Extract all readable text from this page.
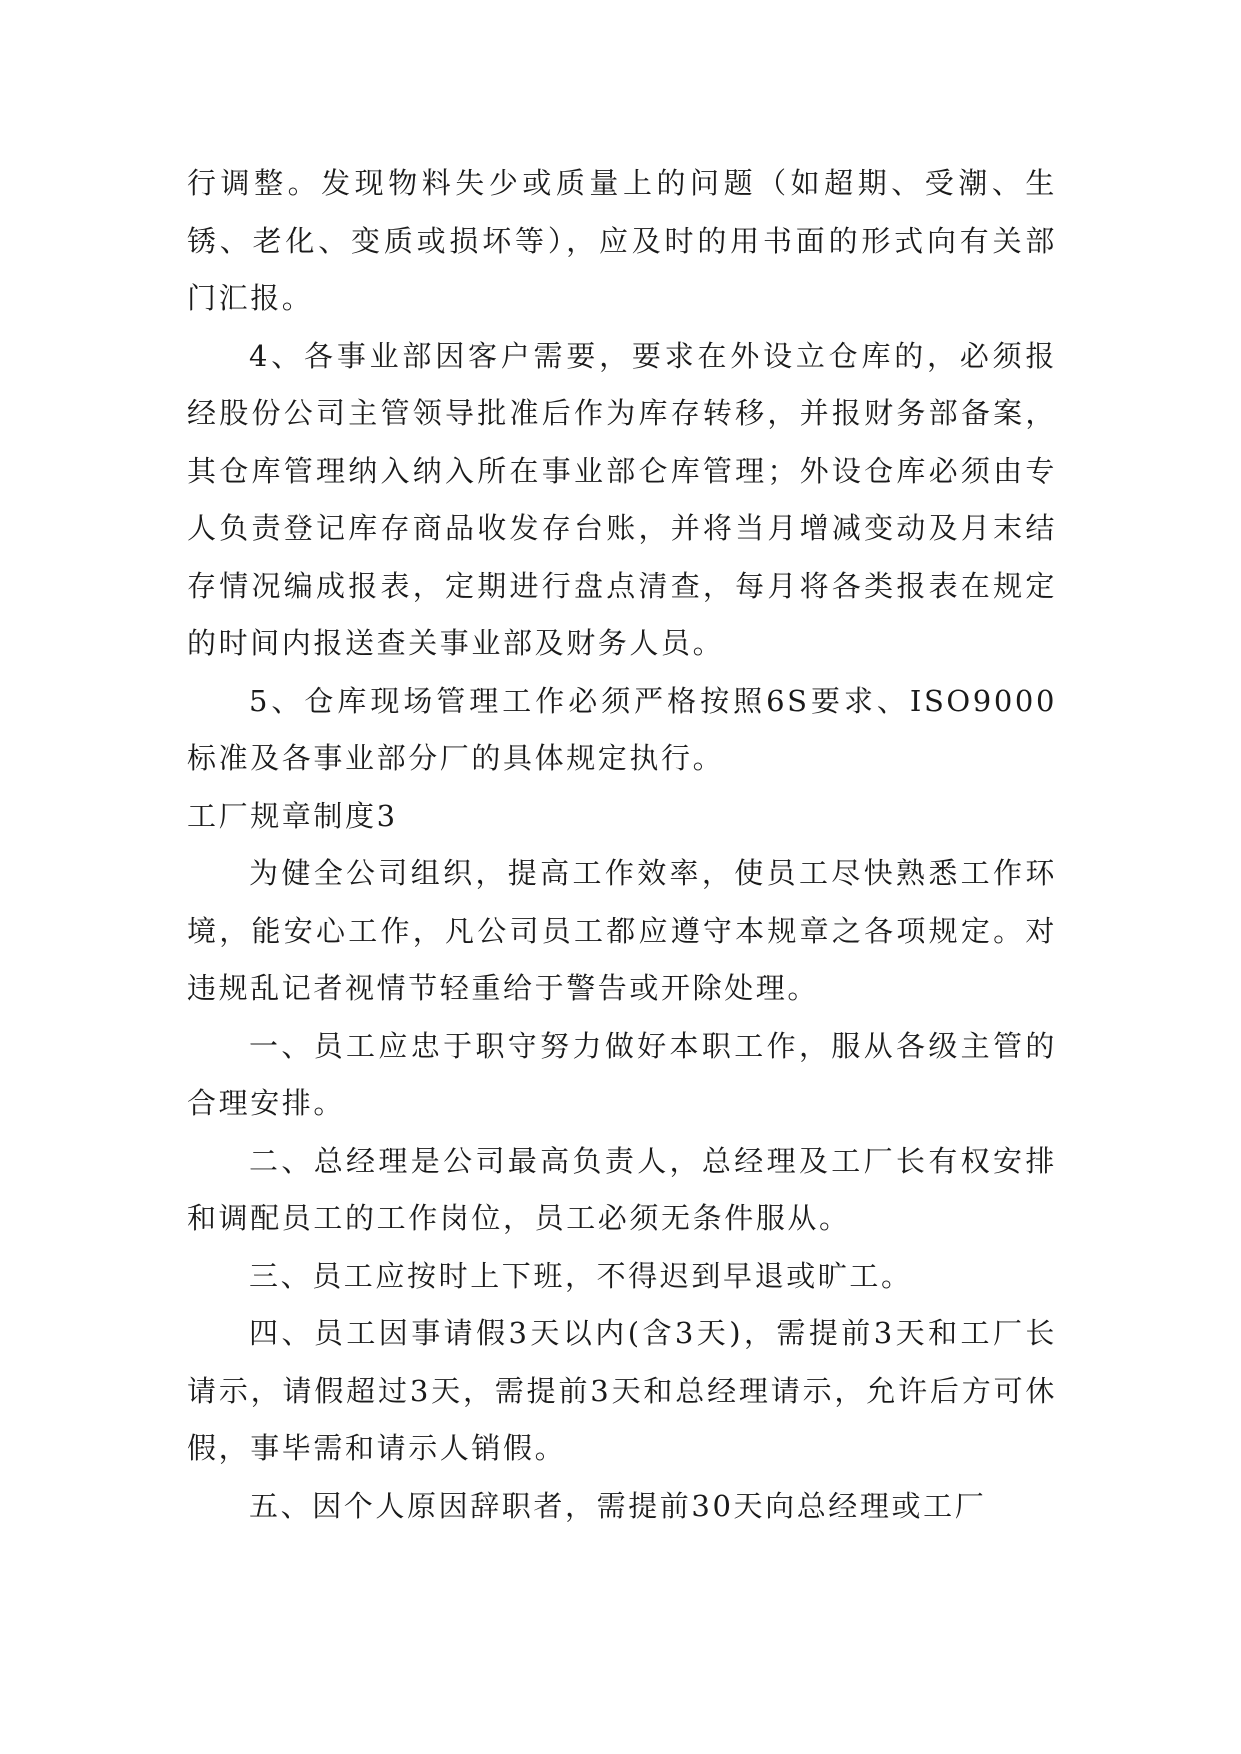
行调整。发现物料失少或质量上的问题（如超期、受潮、生锈、老化、变质或损坏等），应及时的用书面的形式向有关部门汇报。

4、各事业部因客户需要，要求在外设立仓库的，必须报经股份公司主管领导批准后作为库存转移，并报财务部备案，其仓库管理纳入纳入所在事业部仑库管理；外设仓库必须由专人负责登记库存商品收发存台账，并将当月增减变动及月末结存情况编成报表，定期进行盘点清查，每月将各类报表在规定的时间内报送查关事业部及财务人员。

5、仓库现场管理工作必须严格按照6S要求、ISO9000标准及各事业部分厂的具体规定执行。

工厂规章制度3

为健全公司组织，提高工作效率，使员工尽快熟悉工作环境，能安心工作，凡公司员工都应遵守本规章之各项规定。对违规乱记者视情节轻重给于警告或开除处理。

一、员工应忠于职守努力做好本职工作，服从各级主管的合理安排。

二、总经理是公司最高负责人，总经理及工厂长有权安排和调配员工的工作岗位，员工必须无条件服从。

三、员工应按时上下班，不得迟到早退或旷工。

四、员工因事请假3天以内(含3天)，需提前3天和工厂长请示，请假超过3天，需提前3天和总经理请示，允许后方可休假，事毕需和请示人销假。

五、因个人原因辞职者，需提前30天向总经理或工厂
